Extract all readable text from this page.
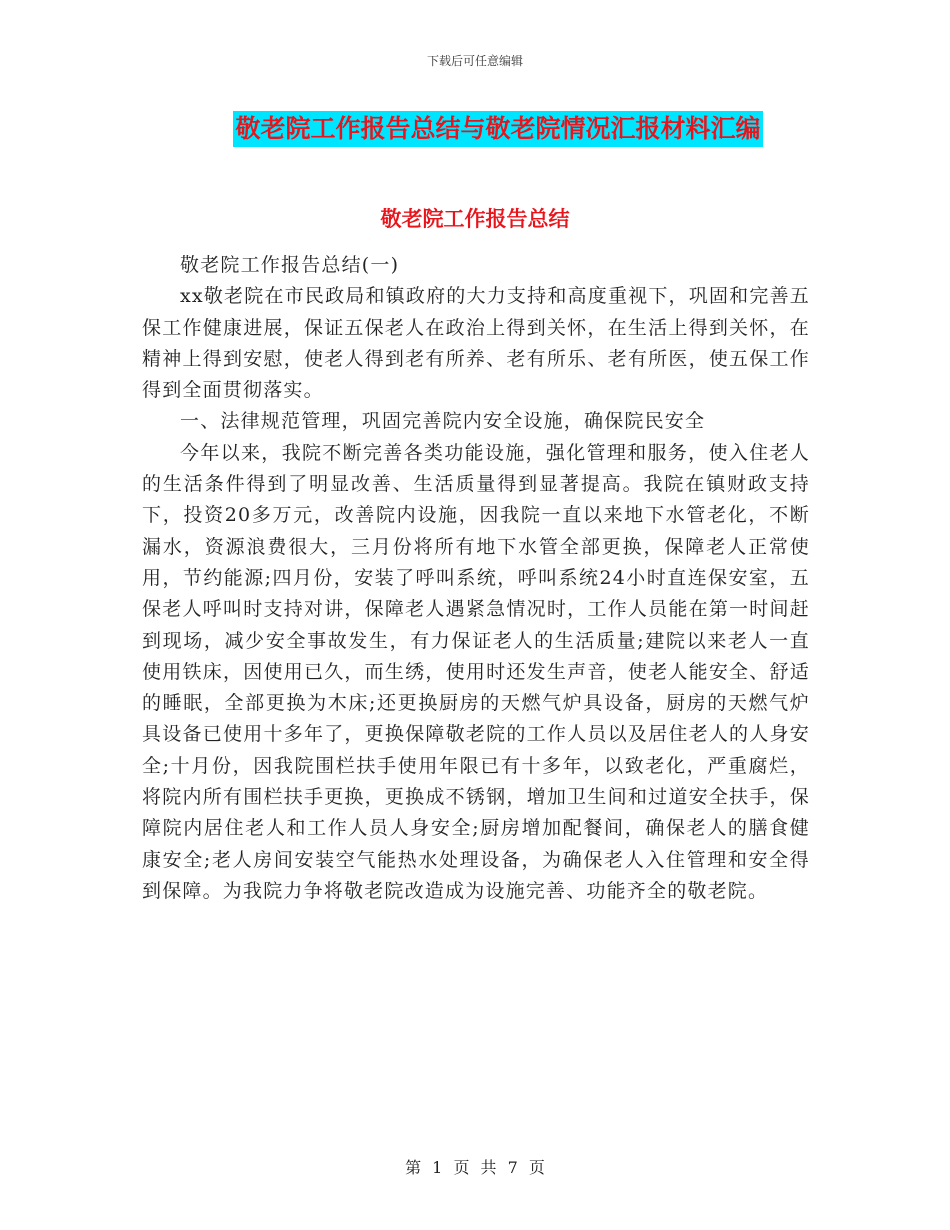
下载后可任意编辑
敬老院工作报告总结与敬老院情况汇报材料汇编
敬老院工作报告总结

敬老院工作报告总结(一)

xx敬老院在市民政局和镇政府的大力支持和高度重视下，巩固和完善五保工作健康进展，保证五保老人在政治上得到关怀，在生活上得到关怀，在精神上得到安慰，使老人得到老有所养、老有所乐、老有所医，使五保工作得到全面贯彻落实。

一、法律规范管理，巩固完善院内安全设施，确保院民安全

今年以来，我院不断完善各类功能设施，强化管理和服务，使入住老人的生活条件得到了明显改善、生活质量得到显著提高。我院在镇财政支持下，投资20多万元，改善院内设施，因我院一直以来地下水管老化，不断漏水，资源浪费很大，三月份将所有地下水管全部更换，保障老人正常使用，节约能源;四月份，安装了呼叫系统，呼叫系统24小时直连保安室，五保老人呼叫时支持对讲，保障老人遇紧急情况时，工作人员能在第一时间赶到现场，减少安全事故发生，有力保证老人的生活质量;建院以来老人一直使用铁床，因使用已久，而生绣，使用时还发生声音，使老人能安全、舒适的睡眠，全部更换为木床;还更换厨房的天燃气炉具设备，厨房的天燃气炉具设备已使用十多年了，更换保障敬老院的工作人员以及居住老人的人身安全;十月份，因我院围栏扶手使用年限已有十多年，以致老化，严重腐烂，将院内所有围栏扶手更换，更换成不锈钢，增加卫生间和过道安全扶手，保障院内居住老人和工作人员人身安全;厨房增加配餐间，确保老人的膳食健康安全;老人房间安装空气能热水处理设备，为确保老人入住管理和安全得到保障。为我院力争将敬老院改造成为设施完善、功能齐全的敬老院。

第 1 页 共 7 页
